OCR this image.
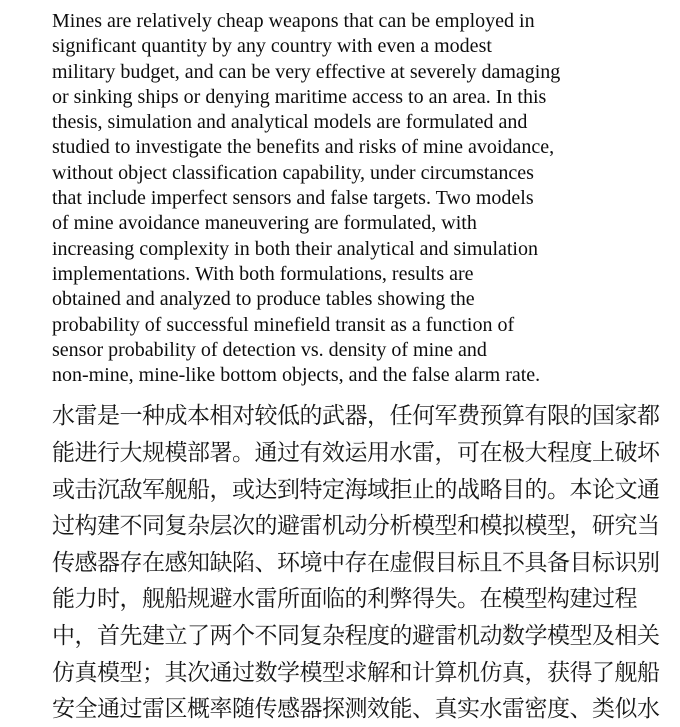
Mines are relatively cheap weapons that can be employed in
significant quantity by any country with even a modest
military budget, and can be very effective at severely damaging
or sinking ships or denying maritime access to an area. In this
thesis, simulation and analytical models are formulated and
studied to investigate the benefits and risks of mine avoidance,
without object classification capability, under circumstances
that include imperfect sensors and false targets. Two models
of mine avoidance maneuvering are formulated, with
increasing complexity in both their analytical and simulation
implementations. With both formulations, results are
obtained and analyzed to produce tables showing the
probability of successful minefield transit as a function of
sensor probability of detection vs. density of mine and
non-mine, mine-like bottom objects, and the false alarm rate.
水雷是一种成本相对较低的武器，任何军费预算有限的国家都
能进行大规模部署。通过有效运用水雷，可在极大程度上破坏
或击沉敌军舰船，或达到特定海域拒止的战略目的。本论文通
过构建不同复杂层次的避雷机动分析模型和模拟模型，研究当
传感器存在感知缺陷、环境中存在虚假目标且不具备目标识别
能力时，舰船规避水雷所面临的利弊得失。在模型构建过程
中，首先建立了两个不同复杂程度的避雷机动数学模型及相关
仿真模型；其次通过数学模型求解和计算机仿真，获得了舰船
安全通过雷区概率随传感器探测效能、真实水雷密度、类似水
